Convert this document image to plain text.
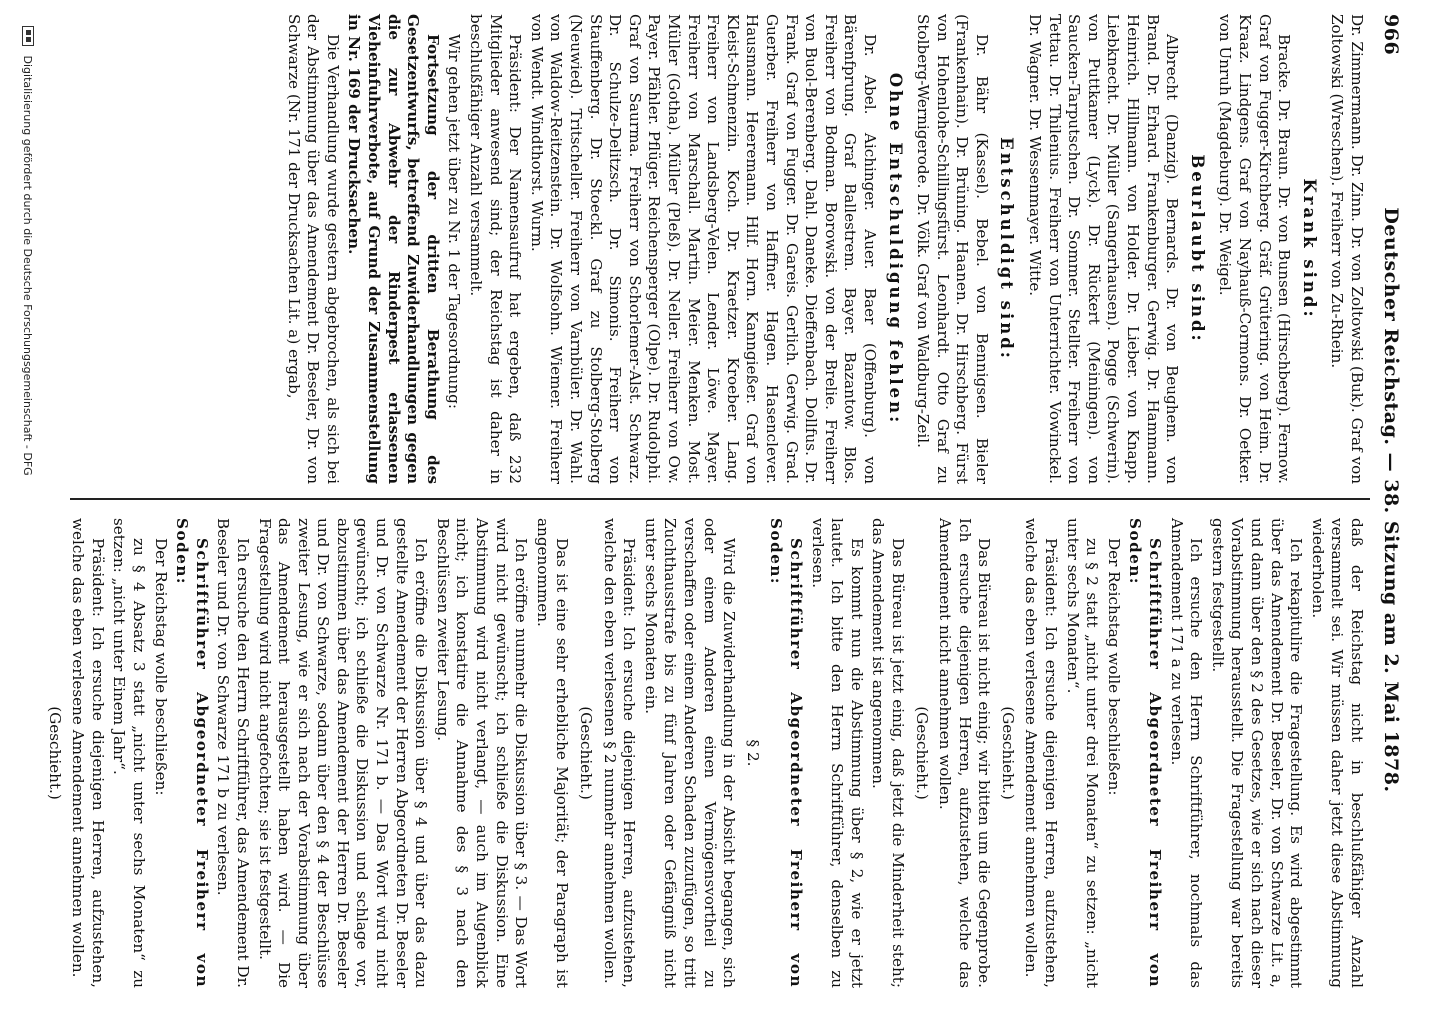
966
Deutscher Reichstag. — 38. Sitzung am 2. Mai 1878.

Dr. Zimmermann. Dr. Zinn. Dr. von Zoltowski (Buk). Graf von Zoltowski (Wreschen). Freiherr von Zu-Rhein.

Krank sind:

Bracke. Dr. Braun. Dr. von Bunsen (Hirschberg). Fernow. Graf von Fugger-Kirchberg. Gräf. Grütering. von Heim. Dr. Kraaz. Lindgens. Graf von Nayhauß-Cormons. Dr. Oetker. von Unruh (Magdeburg). Dr. Weigel.

Beurlaubt sind:

Albrecht (Danzig). Bernards. Dr. von Beughem. von Brand. Dr. Erhard. Frankenburger. Gerwig. Dr. Hammann. Heinrich. Hillmann. von Holder. Dr. Lieber. von Knapp. Liebknecht. Dr. Müller (Sangerhausen). Pogge (Schwerin). von Puttkamer (Lyck). Dr. Rückert (Meiningen). von Saucken-Tarputschen. Dr. Sommer. Stellter. Freiherr von Tettau. Dr. Thilenius. Freiherr von Unterrichter. Vowinckel. Dr. Wagner. Dr. Wessenmayer. Witte.

Entschuldigt sind:

Dr. Bähr (Kassel). Bebel. von Bennigsen. Bieler (Frankenhain). Dr. Brüning. Haanen. Dr. Hirschberg. Fürst von Hohenlohe-Schillingsfürst. Leonhardt. Otto Graf zu Stolberg-Wernigerode. Dr. Völk. Graf von Waldburg-Zeil.

Ohne Entschuldigung fehlen:

Dr. Abel. Aichinger. Auer. Baer (Offenburg). von Bärenfprung. Graf Ballestrem. Bayer. Bazantow. Blos. Freiherr von Bodman. Borowski. von der Brelie. Freiherr von Buol-Berenberg. Dahl. Daneke. Dieffenbach. Dollfus. Dr. Frank. Graf von Fugger. Dr. Gareis. Gerlich. Gerwig. Grad. Guerber. Freiherr von Haffner. Hagen. Hasenclever. Hausmann. Heeremann. Hilf. Horn. Kanngießer. Graf von Kleist-Schmenzin. Koch. Dr. Kraetzer. Kroeber. Lang. Freiherr von Landsberg-Velen. Lender. Löwe. Mayer. Freiherr von Marschall. Martin. Meier. Menken. Most. Müller (Gotha). Müller (Pleß). Dr. Neller. Freiherr von Ow. Payer. Pfähler. Pflüger. Reichensperger (Olpe). Dr. Rudolphi. Graf von Saurma. Freiherr von Schorlemer-Alst. Schwarz. Dr. Schulze-Delitzsch. Dr. Simonis. Freiherr von Stauffenberg. Dr. Stoeckl. Graf zu Stolberg-Stolberg (Neuwied). Tritscheller. Freiherr von Varnbüler. Dr. Wahl. von Waldow-Reitzenstein. Dr. Wolfsohn. Wiemer. Freiherr von Wendt. Windthorst. Wurm.

Präsident: Der Namensaufruf hat ergeben, daß 232 Mitglieder anwesend sind; der Reichstag ist daher in beschlußfähiger Anzahl versammelt.

Wir gehen jetzt über zu Nr. 1 der Tagesordnung:

Fortsetzung der dritten Berathung des Gesetzentwurfs, betreffend Zuwiderhandlungen gegen die zur Abwehr der Rinderpest erlassenen Vieheinfuhrverbote, auf Grund der Zusammenstellung in Nr. 169 der Drucksachen.

Die Verhandlung wurde gestern abgebrochen, als sich bei der Abstimmung über das Amendement Dr. Beseler, Dr. von Schwarze (Nr. 171 der Drucksachen Lit. a) ergab,

daß der Reichstag nicht in beschlußfähiger Anzahl versammelt sei. Wir müssen daher jetzt diese Abstimmung wiederholen.

Ich rekapitulire die Fragestellung. Es wird abgestimmt über das Amendement Dr. Beseler, Dr. von Schwarze Lit. a, und dann über den § 2 des Gesetzes, wie er sich nach dieser Vorabstimmung herausstellt. Die Fragestellung war bereits gestern festgestellt.

Ich ersuche den Herrn Schriftführer, nochmals das Amendement 171 a zu verlesen.

Schriftführer Abgeordneter Freiherr von Soden:

Der Reichstag wolle beschließen:

zu § 2 statt „nicht unter drei Monaten“ zu setzen: „nicht unter sechs Monaten“.

Präsident: Ich ersuche diejenigen Herren, aufzustehen, welche das eben verlesene Amendement annehmen wollen.

(Geschieht.)

Das Büreau ist nicht einig; wir bitten um die Gegenprobe. Ich ersuche diejenigen Herren, aufzustehen, welche das Amendement nicht annehmen wollen.

(Geschieht.)

Das Büreau ist jetzt einig, daß jetzt die Minderheit steht; das Amendement ist angenommen.

Es kommt nun die Abstimmung über § 2, wie er jetzt lautet. Ich bitte den Herrn Schriftführer, denselben zu verlesen.

Schriftführer Abgeordneter Freiherr von Soden:

§ 2.

Wird die Zuwiderhandlung in der Absicht begangen, sich oder einem Anderen einen Vermögensvortheil zu verschaffen oder einem Anderen Schaden zuzufügen, so tritt Zuchthausstrafe bis zu fünf Jahren oder Gefängniß nicht unter sechs Monaten ein.

Präsident: Ich ersuche diejenigen Herren, aufzustehen, welche den eben verlesenen § 2 nunmehr annehmen wollen.

(Geschieht.)

Das ist eine sehr erhebliche Majorität; der Paragraph ist angenommen.

Ich eröffne nunmehr die Diskussion über § 3. — Das Wort wird nicht gewünscht; ich schließe die Diskussion. Eine Abstimmung wird nicht verlangt, — auch im Augenblick nicht; ich konstatire die Annahme des § 3 nach den Beschlüssen zweiter Lesung.

Ich eröffne die Diskussion über § 4 und über das dazu gestellte Amendement der Herren Abgeordneten Dr. Beseler und Dr. von Schwarze Nr. 171 b. — Das Wort wird nicht gewünscht; ich schließe die Diskussion und schlage vor, abzustimmen über das Amendement der Herren Dr. Beseler und Dr. von Schwarze, sodann über den § 4 der Beschlüsse zweiter Lesung, wie er sich nach der Vorabstimmung über das Amendement herausgestellt haben wird. — Die Fragestellung wird nicht angefochten; sie ist festgestellt.

Ich ersuche den Herrn Schriftführer, das Amendement Dr. Beseler und Dr. von Schwarze 171 b zu verlesen.

Schriftführer Abgeordneter Freiherr von Soden:

Der Reichstag wolle beschließen:

zu § 4 Absatz 3 statt „nicht unter sechs Monaten“ zu setzen: „nicht unter Einem Jahr“.

Präsident: Ich ersuche diejenigen Herren, aufzustehen, welche das eben verlesene Amendement annehmen wollen.

(Geschieht.)

Digitalisierung gefördert durch die Deutsche Forschungsgemeinschaft - DFG
